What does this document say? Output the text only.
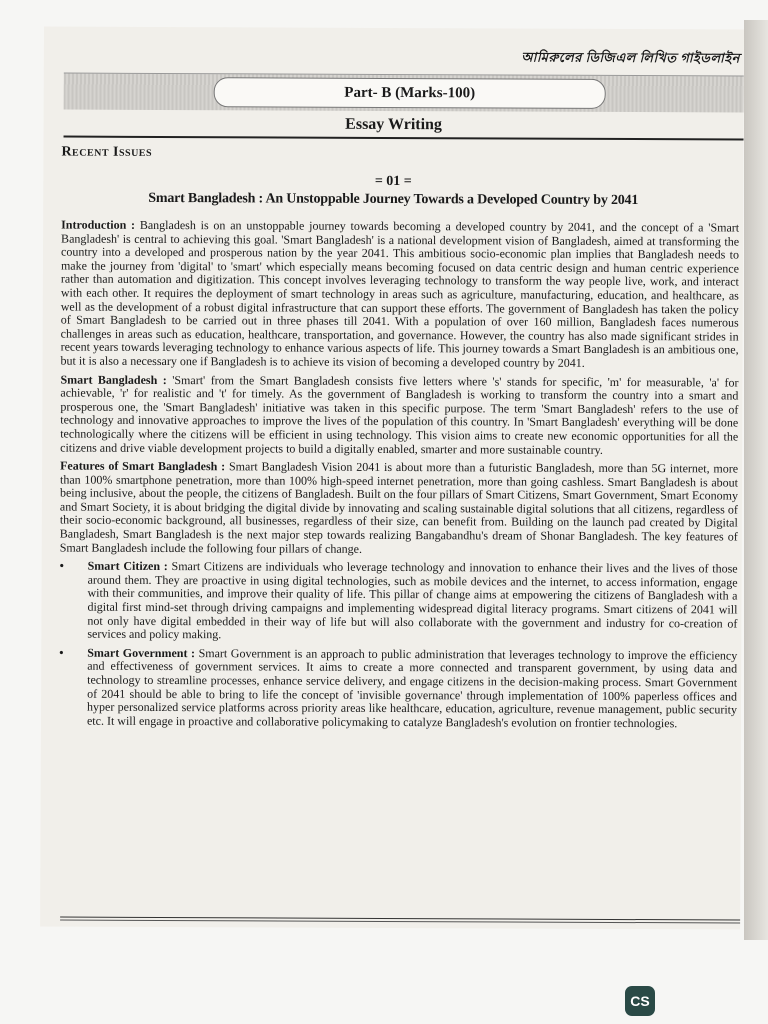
আমিরুলের ডিজিএল লিখিত গাইডলাইন
Part- B (Marks-100)
Essay Writing
Recent Issues
= 01 =
Smart Bangladesh : An Unstoppable Journey Towards a Developed Country by 2041

Introduction : Bangladesh is on an unstoppable journey towards becoming a developed country by 2041, and the concept of a 'Smart Bangladesh' is central to achieving this goal. 'Smart Bangladesh' is a national development vision of Bangladesh, aimed at transforming the country into a developed and prosperous nation by the year 2041. This ambitious socio-economic plan implies that Bangladesh needs to make the journey from 'digital' to 'smart' which especially means becoming focused on data centric design and human centric experience rather than automation and digitization. This concept involves leveraging technology to transform the way people live, work, and interact with each other. It requires the deployment of smart technology in areas such as agriculture, manufacturing, education, and healthcare, as well as the development of a robust digital infrastructure that can support these efforts. The government of Bangladesh has taken the policy of Smart Bangladesh to be carried out in three phases till 2041. With a population of over 160 million, Bangladesh faces numerous challenges in areas such as education, healthcare, transportation, and governance. However, the country has also made significant strides in recent years towards leveraging technology to enhance various aspects of life. This journey towards a Smart Bangladesh is an ambitious one, but it is also a necessary one if Bangladesh is to achieve its vision of becoming a developed country by 2041.

Smart Bangladesh : 'Smart' from the Smart Bangladesh consists five letters where 's' stands for specific, 'm' for measurable, 'a' for achievable, 'r' for realistic and 't' for timely. As the government of Bangladesh is working to transform the country into a smart and prosperous one, the 'Smart Bangladesh' initiative was taken in this specific purpose. The term 'Smart Bangladesh' refers to the use of technology and innovative approaches to improve the lives of the population of this country. In 'Smart Bangladesh' everything will be done technologically where the citizens will be efficient in using technology. This vision aims to create new economic opportunities for all the citizens and drive viable development projects to build a digitally enabled, smarter and more sustainable country.

Features of Smart Bangladesh : Smart Bangladesh Vision 2041 is about more than a futuristic Bangladesh, more than 5G internet, more than 100% smartphone penetration, more than 100% high-speed internet penetration, more than going cashless. Smart Bangladesh is about being inclusive, about the people, the citizens of Bangladesh. Built on the four pillars of Smart Citizens, Smart Government, Smart Economy and Smart Society, it is about bridging the digital divide by innovating and scaling sustainable digital solutions that all citizens, regardless of their socio-economic background, all businesses, regardless of their size, can benefit from. Building on the launch pad created by Digital Bangladesh, Smart Bangladesh is the next major step towards realizing Bangabandhu's dream of Shonar Bangladesh. The key features of Smart Bangladesh include the following four pillars of change.

• Smart Citizen : Smart Citizens are individuals who leverage technology and innovation to enhance their lives and the lives of those around them. They are proactive in using digital technologies, such as mobile devices and the internet, to access information, engage with their communities, and improve their quality of life. This pillar of change aims at empowering the citizens of Bangladesh with a digital first mind-set through driving campaigns and implementing widespread digital literacy programs. Smart citizens of 2041 will not only have digital embedded in their way of life but will also collaborate with the government and industry for co-creation of services and policy making.
• Smart Government : Smart Government is an approach to public administration that leverages technology to improve the efficiency and effectiveness of government services. It aims to create a more connected and transparent government, by using data and technology to streamline processes, enhance service delivery, and engage citizens in the decision-making process. Smart Government of 2041 should be able to bring to life the concept of 'invisible governance' through implementation of 100% paperless offices and hyper personalized service platforms across priority areas like healthcare, education, agriculture, revenue management, public security etc. It will engage in proactive and collaborative policymaking to catalyze Bangladesh's evolution on frontier technologies.
CS
